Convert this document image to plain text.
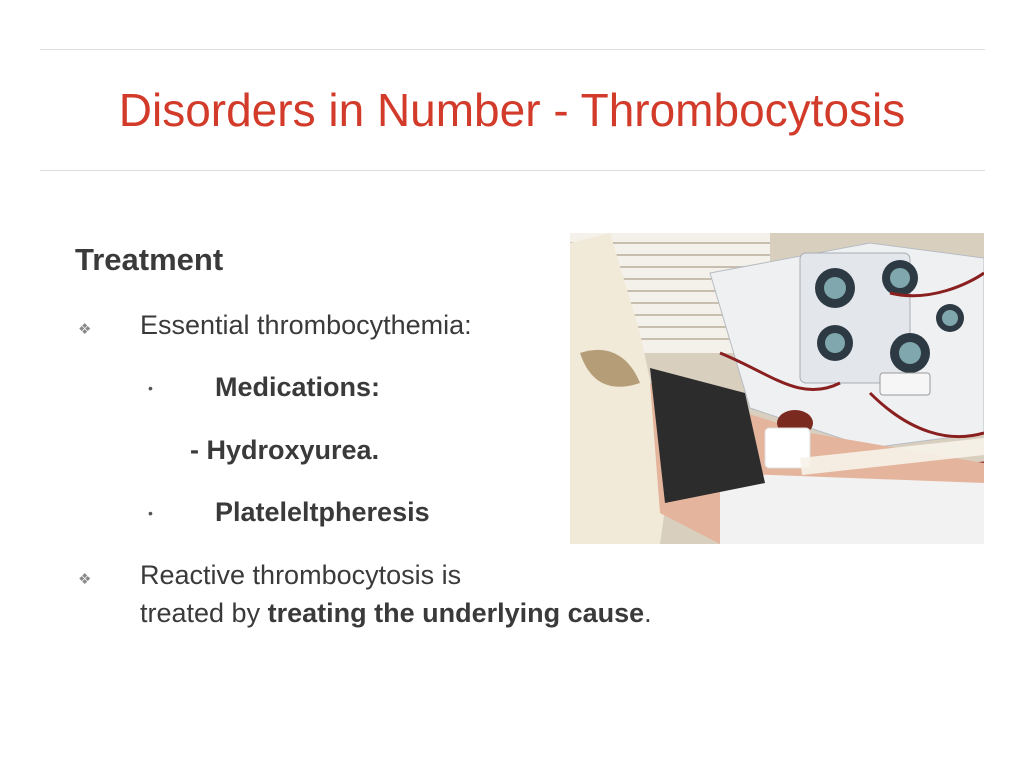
Disorders in Number - Thrombocytosis
Treatment
❖ Essential thrombocythemia:
• Medications:
- Hydroxyurea.
• Plateleltpheresis
❖ Reactive thrombocytosis is
treated by treating the underlying cause.
